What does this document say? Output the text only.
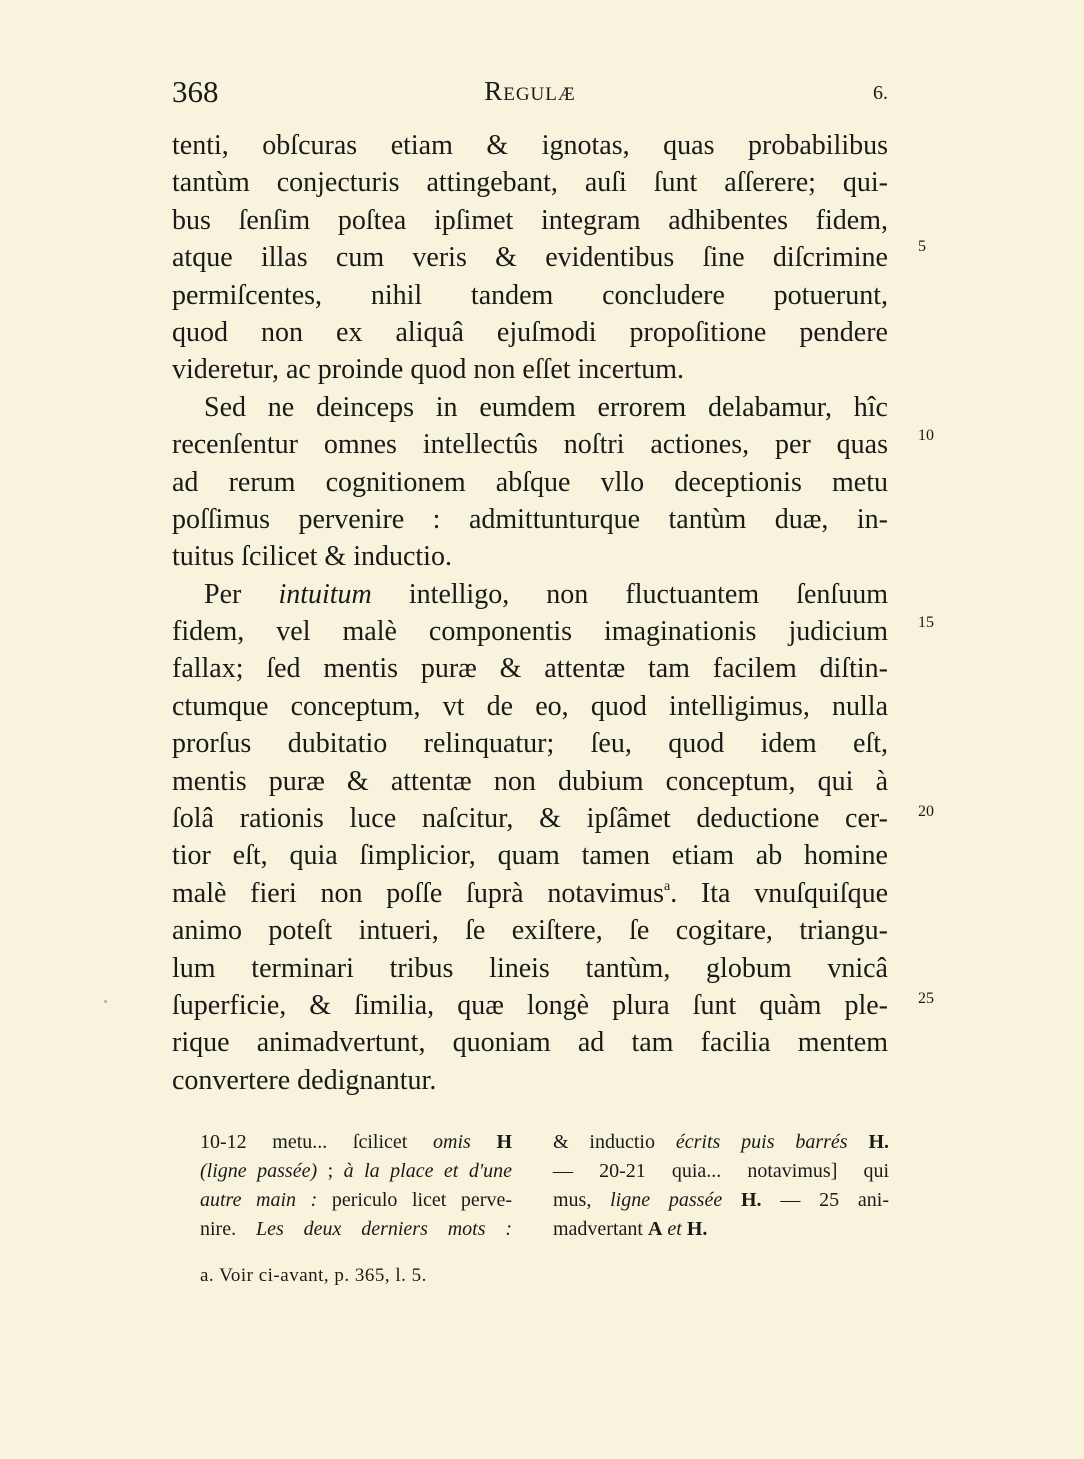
368	Regulæ	6.
tenti, obſcuras etiam & ignotas, quas probabilibus
tantùm conjecturis attingebant, auſi ſunt aſſerere; qui-
bus ſenſim poſtea ipſimet integram adhibentes fidem,
atque illas cum veris & evidentibus ſine diſcrimine
permiſcentes, nihil tandem concludere potuerunt,
quod non ex aliquâ ejuſmodi propoſitione pendere
videretur, ac proinde quod non eſſet incertum.
Sed ne deinceps in eumdem errorem delabamur, hîc
recenſentur omnes intellectûs noſtri actiones, per quas
ad rerum cognitionem abſque vllo deceptionis metu
poſſimus pervenire : admittunturque tantùm duæ, in-
tuitus ſcilicet & inductio.
Per intuitum intelligo, non fluctuantem ſenſuum
fidem, vel malè componentis imaginationis judicium
fallax; ſed mentis puræ & attentæ tam facilem diſtin-
ctumque conceptum, vt de eo, quod intelligimus, nulla
prorſus dubitatio relinquatur; ſeu, quod idem eſt,
mentis puræ & attentæ non dubium conceptum, qui à
ſolâ rationis luce naſcitur, & ipſâmet deductione cer-
tior eſt, quia ſimplicior, quam tamen etiam ab homine
malè fieri non poſſe ſuprà notavimus$^a$. Ita vnuſquiſque
animo poteſt intueri, ſe exiſtere, ſe cogitare, triangu-
lum terminari tribus lineis tantùm, globum vnicâ
ſuperficie, & ſimilia, quæ longè plura ſunt quàm ple-
rique animadvertunt, quoniam ad tam facilia mentem
convertere dedignantur.
5
10
15
20
25
10-12 metu... ſcilicet omis H
(ligne passée) ; à la place et d'une
autre main : periculo licet perve-
nire. Les deux derniers mots :
& inductio écrits puis barrés H.
— 20-21 quia... notavimus] qui
mus, ligne passée H. — 25 ani-
madvertant A et H.
a. Voir ci-avant, p. 365, l. 5.
